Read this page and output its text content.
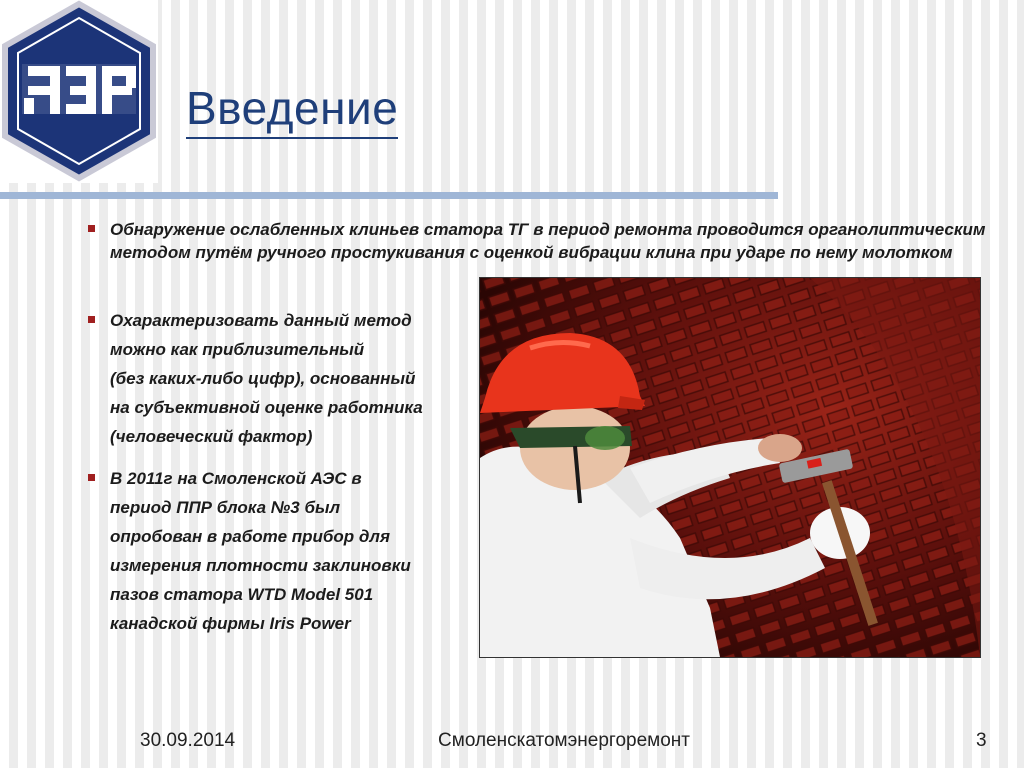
Введение
Обнаружение ослабленных клиньев статора ТГ в период ремонта проводится органолиптическим методом путём ручного простукивания с оценкой вибрации клина при ударе по нему молотком
Охарактеризовать данный метод
можно как приблизительный
(без каких-либо цифр), основанный
на субъективной оценке работника
(человеческий фактор)
В 2011г на Смоленской АЭС в
период ППР блока №3 был
опробован в работе прибор для
измерения плотности заклиновки
пазов статора WTD Model 501
канадской фирмы Iris Power
30.09.2014	Смоленскатомэнергоремонт	3
